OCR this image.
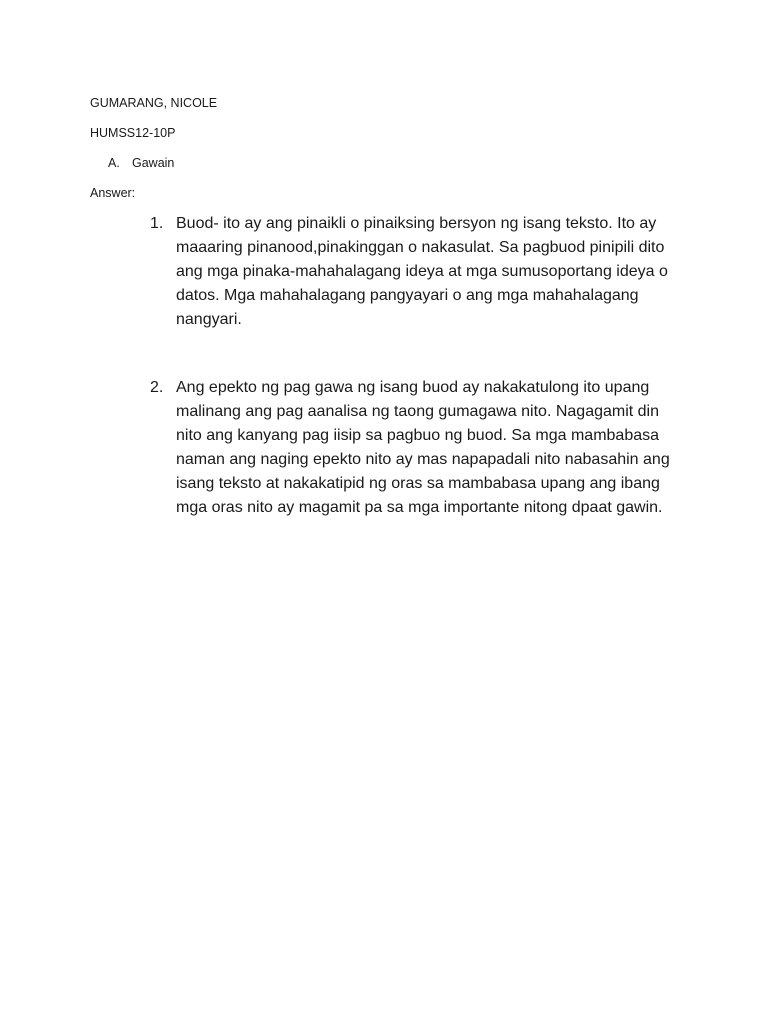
GUMARANG, NICOLE
HUMSS12-10P
A. Gawain
Answer:
1. Buod- ito ay ang pinaikli o pinaiksing bersyon ng isang teksto. Ito ay maaaring pinanood,pinakinggan o nakasulat. Sa pagbuod pinipili dito ang mga pinaka-mahahalagang ideya at mga sumusoportang ideya o datos. Mga mahahalagang pangyayari o ang mga mahahalagang nangyari.
2. Ang epekto ng pag gawa ng isang buod ay nakakatulong ito upang malinang ang pag aanalisa ng taong gumagawa nito. Nagagamit din nito ang kanyang pag iisip sa pagbuo ng buod. Sa mga mambabasa naman ang naging epekto nito ay mas napapadali nito nabasahin ang isang teksto at nakakatipid ng oras sa mambabasa upang ang ibang mga oras nito ay magamit pa sa mga importante nitong dpaat gawin.
